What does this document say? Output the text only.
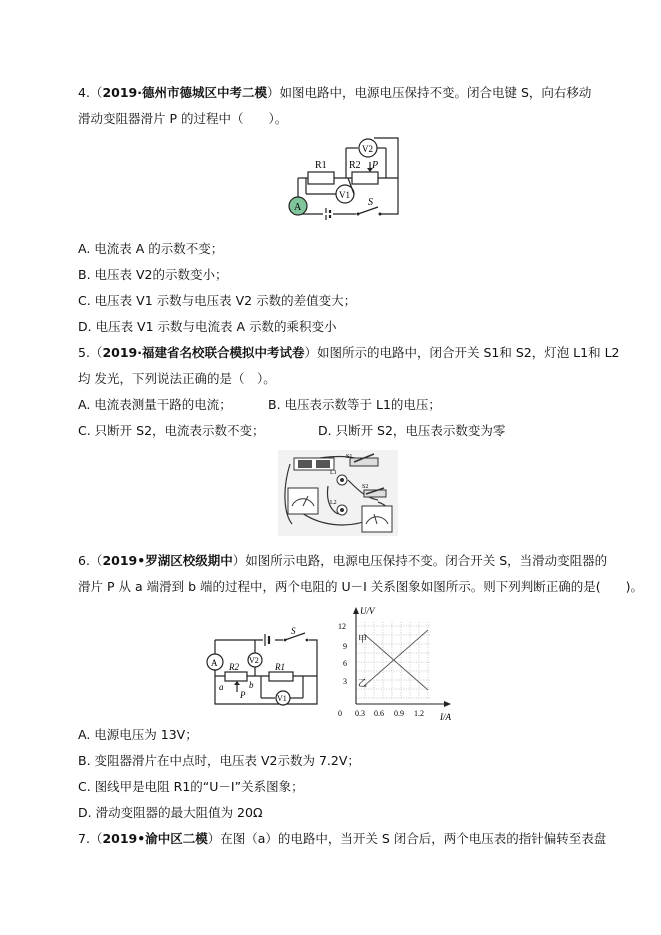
4.（2019·德州市德城区中考二模）如图电路中，电源电压保持不变。闭合电键 S，向右移动
滑动变阻器滑片 P 的过程中（　　）。
R1 R2 P
V2
V1
A	S
A. 电流表 A 的示数不变；
B. 电压表 V2的示数变小；
C. 电压表 V1 示数与电压表 V2 示数的差值变大；
D. 电压表 V1 示数与电流表 A 示数的乘积变小
5.（2019·福建省名校联合模拟中考试卷）如图所示的电路中，闭合开关 S1和 S2，灯泡 L1和 L2
均 发光，下列说法正确的是（　）。
A. 电流表测量干路的电流；	B. 电压表示数等于 L1的电压；
C. 只断开 S2，电流表示数不变；	D. 只断开 S2，电压表示数变为零
S1
S2
L1
L2
6.（2019•罗湖区校级期中）如图所示电路，电源电压保持不变。闭合开关 S，当滑动变阻器的
滑片 P 从 a 端滑到 b 端的过程中，两个电阻的 U－I 关系图象如图所示。则下列判断正确的是(　　)。
A	V2
V1
R2	R1
S
a	b
P
U/V
I/A
12
9
6
3
0 0.3 0.6 0.9 1.2
甲
乙
A. 电源电压为 13V；
B. 变阻器滑片在中点时，电压表 V2示数为 7.2V；
C. 图线甲是电阻 R1的“U－I”关系图象；
D. 滑动变阻器的最大阻值为 20Ω
7.（2019•渝中区二模）在图（a）的电路中，当开关 S 闭合后，两个电压表的指针偏转至表盘
